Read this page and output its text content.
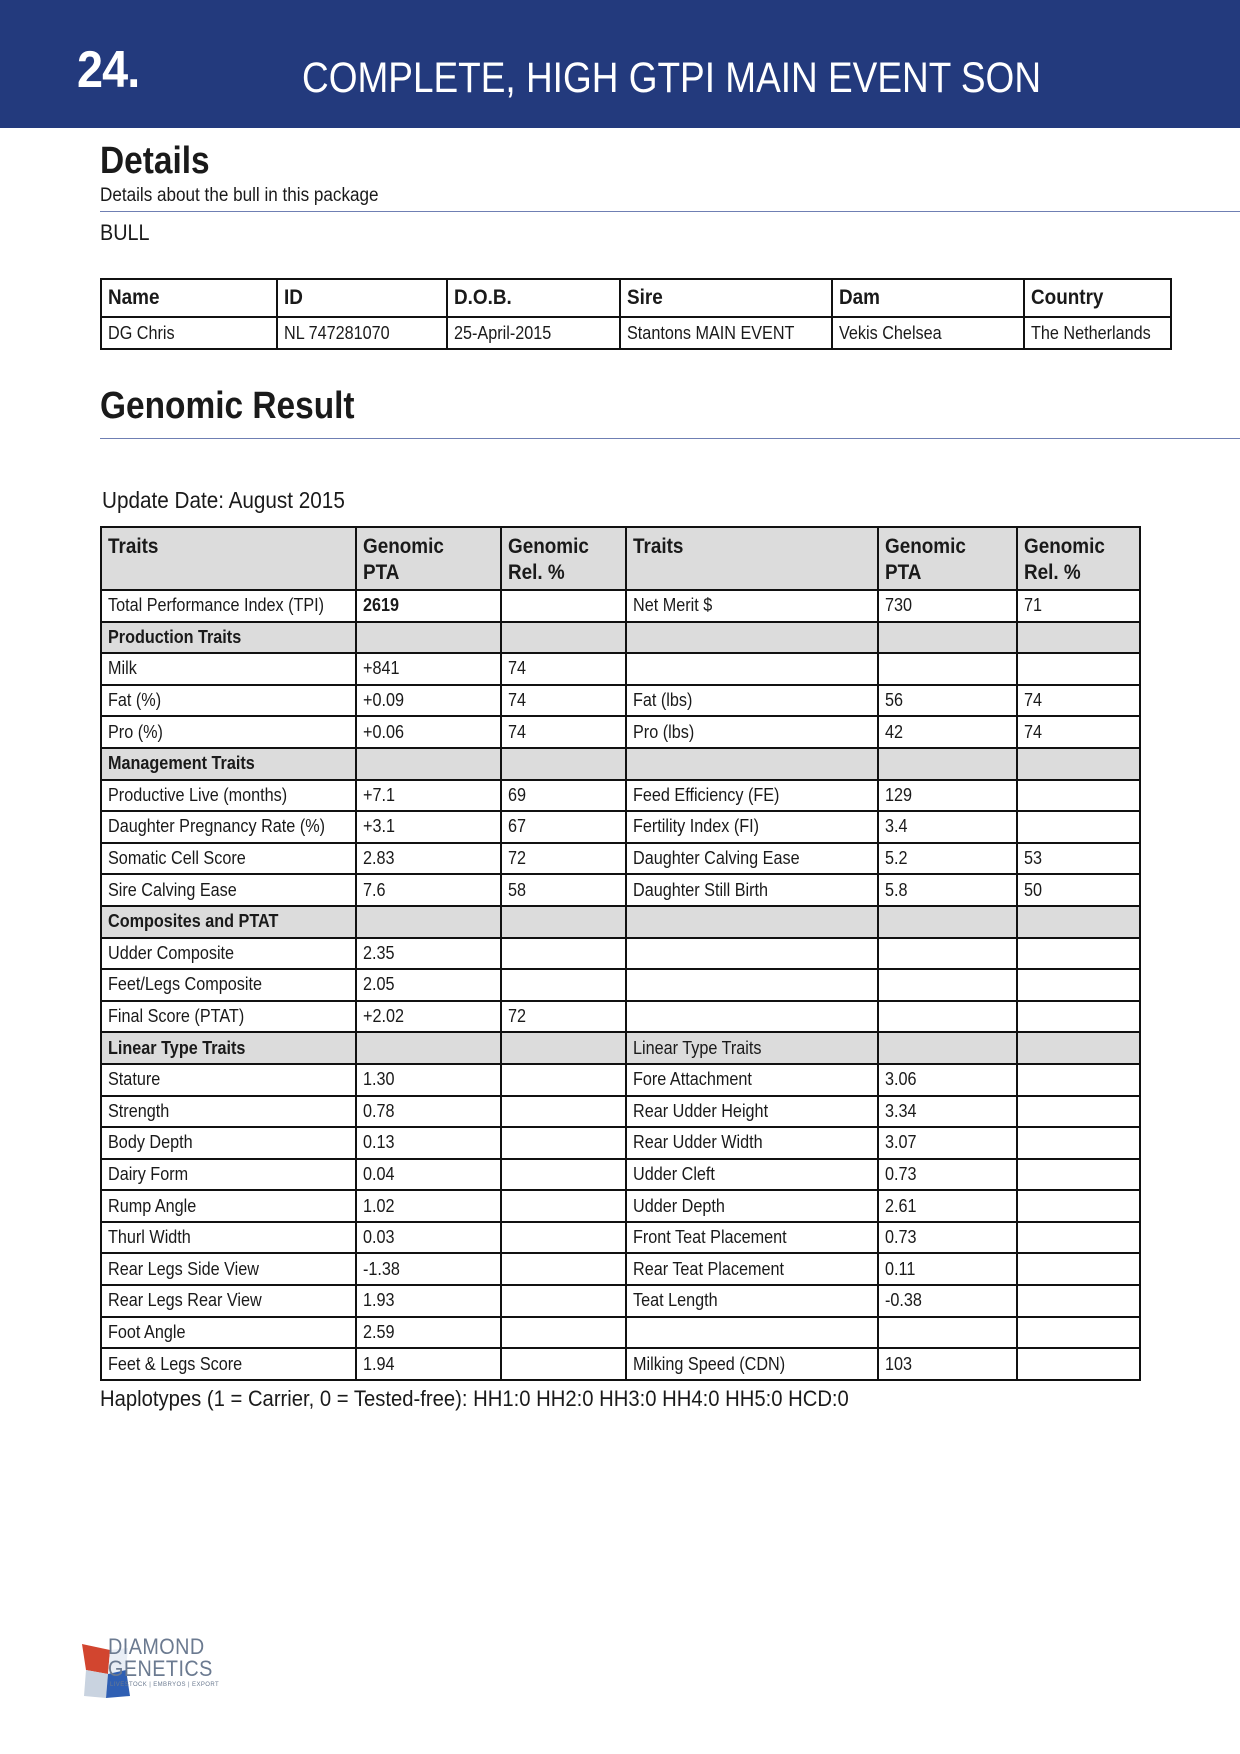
24.	COMPLETE, HIGH GTPI MAIN EVENT SON
Details
Details about the bull in this package
BULL
Name	ID	D.O.B.	Sire	Dam	Country
DG Chris	NL 747281070	25-April-2015	Stantons MAIN EVENT	Vekis Chelsea	The Netherlands
Genomic Result
Update Date: August 2015
Traits	Genomic PTA	Genomic Rel. %	Traits	Genomic PTA	Genomic Rel. %
Total Performance Index (TPI)	2619		Net Merit $	730	71
Production Traits					
Milk	+841	74			
Fat (%)	+0.09	74	Fat (lbs)	56	74
Pro (%)	+0.06	74	Pro (lbs)	42	74
Management Traits					
Productive Live (months)	+7.1	69	Feed Efficiency (FE)	129	
Daughter Pregnancy Rate (%)	+3.1	67	Fertility Index (FI)	3.4	
Somatic Cell Score	2.83	72	Daughter Calving Ease	5.2	53
Sire Calving Ease	7.6	58	Daughter Still Birth	5.8	50
Composites and PTAT					
Udder Composite	2.35				
Feet/Legs Composite	2.05				
Final Score (PTAT)	+2.02	72			
Linear Type Traits			Linear Type Traits		
Stature	1.30		Fore Attachment	3.06	
Strength	0.78		Rear Udder Height	3.34	
Body Depth	0.13		Rear Udder Width	3.07	
Dairy Form	0.04		Udder Cleft	0.73	
Rump Angle	1.02		Udder Depth	2.61	
Thurl Width	0.03		Front Teat Placement	0.73	
Rear Legs Side View	-1.38		Rear Teat Placement	0.11	
Rear Legs Rear View	1.93		Teat Length	-0.38	
Foot Angle	2.59				
Feet & Legs Score	1.94		Milking Speed (CDN)	103	
Haplotypes (1 = Carrier, 0 = Tested-free): HH1:0 HH2:0 HH3:0 HH4:0 HH5:0 HCD:0
DIAMOND
GENETICS
LIVESTOCK | EMBRYOS | EXPORT
